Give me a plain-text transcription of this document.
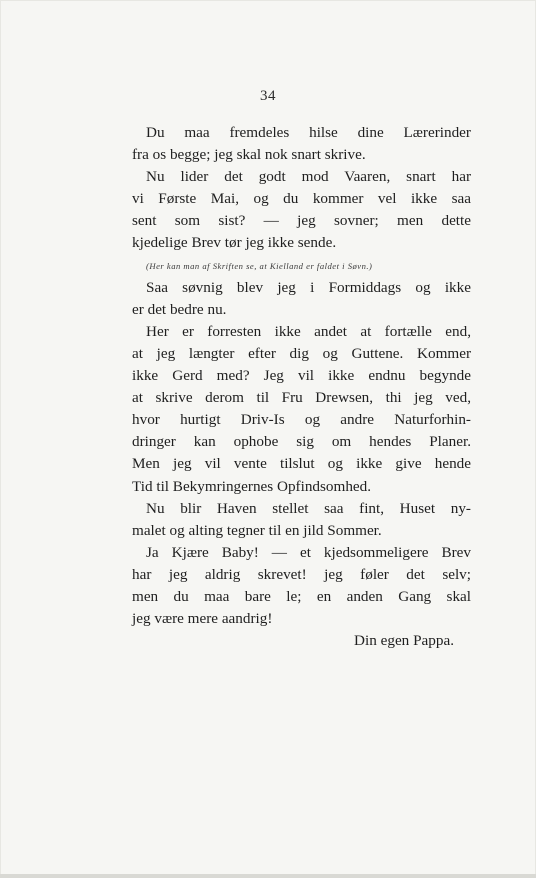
34
Du maa fremdeles hilse dine Lærerinder
fra os begge; jeg skal nok snart skrive.
Nu lider det godt mod Vaaren, snart har
vi Første Mai, og du kommer vel ikke saa
sent som sist? — jeg sovner; men dette
kjedelige Brev tør jeg ikke sende.
(Her kan man af Skriften se, at Kielland er faldet i Søvn.)
Saa søvnig blev jeg i Formiddags og ikke
er det bedre nu.
Her er forresten ikke andet at fortælle end,
at jeg længter efter dig og Guttene. Kommer
ikke Gerd med? Jeg vil ikke endnu begynde
at skrive derom til Fru Drewsen, thi jeg ved,
hvor hurtigt Driv-Is og andre Naturforhin-
dringer kan ophobe sig om hendes Planer.
Men jeg vil vente tilslut og ikke give hende
Tid til Bekymringernes Opfindsomhed.
Nu blir Haven stellet saa fint, Huset ny-
malet og alting tegner til en jild Sommer.
Ja Kjære Baby! — et kjedsommeligere Brev
har jeg aldrig skrevet! jeg føler det selv;
men du maa bare le; en anden Gang skal
jeg være mere aandrig!
Din egen Pappa.
